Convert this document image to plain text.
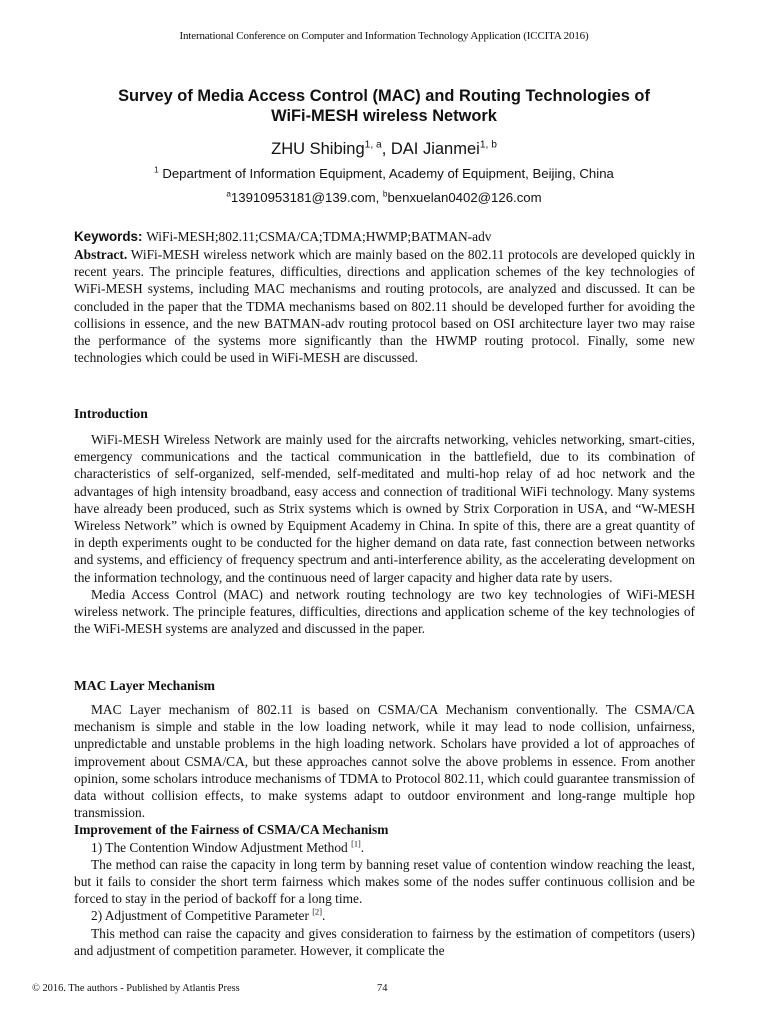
International Conference on Computer and Information Technology Application (ICCITA 2016)
Survey of Media Access Control (MAC) and Routing Technologies of
WiFi-MESH wireless Network
ZHU Shibing$^{1, a}$, DAI Jianmei$^{1, b}$
$^1$ Department of Information Equipment, Academy of Equipment, Beijing, China
$^a$13910953181@139.com, $^b$benxuelan0402@126.com
Keywords: WiFi-MESH;802.11;CSMA/CA;TDMA;HWMP;BATMAN-adv
Abstract. WiFi-MESH wireless network which are mainly based on the 802.11 protocols are developed quickly in recent years. The principle features, difficulties, directions and application schemes of the key technologies of WiFi-MESH systems, including MAC mechanisms and routing protocols, are analyzed and discussed. It can be concluded in the paper that the TDMA mechanisms based on 802.11 should be developed further for avoiding the collisions in essence, and the new BATMAN-adv routing protocol based on OSI architecture layer two may raise the performance of the systems more significantly than the HWMP routing protocol. Finally, some new technologies which could be used in WiFi-MESH are discussed.
Introduction

WiFi-MESH Wireless Network are mainly used for the aircrafts networking, vehicles networking, smart-cities, emergency communications and the tactical communication in the battlefield, due to its combination of characteristics of self-organized, self-mended, self-meditated and multi-hop relay of ad hoc network and the advantages of high intensity broadband, easy access and connection of traditional WiFi technology. Many systems have already been produced, such as Strix systems which is owned by Strix Corporation in USA, and “W-MESH Wireless Network” which is owned by Equipment Academy in China. In spite of this, there are a great quantity of in depth experiments ought to be conducted for the higher demand on data rate, fast connection between networks and systems, and efficiency of frequency spectrum and anti-interference ability, as the accelerating development on the information technology, and the continuous need of larger capacity and higher data rate by users.

Media Access Control (MAC) and network routing technology are two key technologies of WiFi-MESH wireless network. The principle features, difficulties, directions and application scheme of the key technologies of the WiFi-MESH systems are analyzed and discussed in the paper.

MAC Layer Mechanism

MAC Layer mechanism of 802.11 is based on CSMA/CA Mechanism conventionally. The CSMA/CA mechanism is simple and stable in the low loading network, while it may lead to node collision, unfairness, unpredictable and unstable problems in the high loading network. Scholars have provided a lot of approaches of improvement about CSMA/CA, but these approaches cannot solve the above problems in essence. From another opinion, some scholars introduce mechanisms of TDMA to Protocol 802.11, which could guarantee transmission of data without collision effects, to make systems adapt to outdoor environment and long-range multiple hop transmission.

Improvement of the Fairness of CSMA/CA Mechanism

1) The Contention Window Adjustment Method [1].

The method can raise the capacity in long term by banning reset value of contention window reaching the least, but it fails to consider the short term fairness which makes some of the nodes suffer continuous collision and be forced to stay in the period of backoff for a long time.

2) Adjustment of Competitive Parameter [2].

This method can raise the capacity and gives consideration to fairness by the estimation of competitors (users) and adjustment of competition parameter. However, it complicate the

© 2016. The authors - Published by Atlantis Press	74
